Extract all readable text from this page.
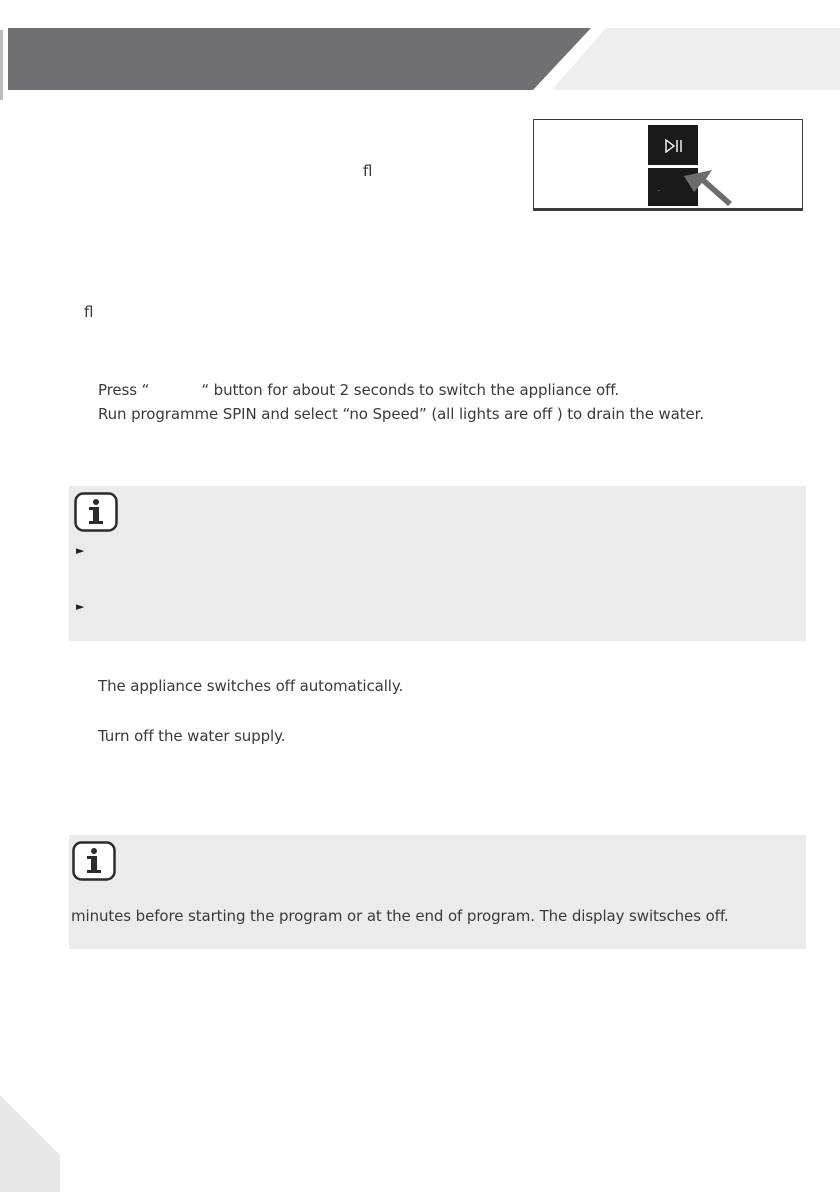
.
ﬂ
ﬂ
Press “	“ button for about 2 seconds to switch the appliance off.
Run programme SPIN and select “no Speed” (all lights are off ) to drain the water.
►
►
The appliance switches off automatically.
Turn off the water supply.
minutes before starting the program or at the end of program. The display switsches off.
